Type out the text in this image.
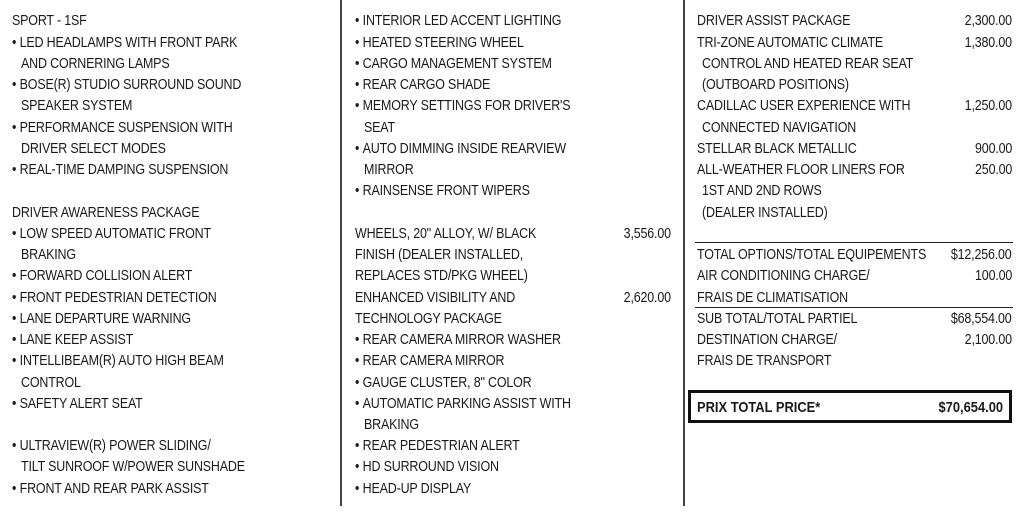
SPORT - 1SF
• LED HEADLAMPS WITH FRONT PARK
AND CORNERING LAMPS
• BOSE(R) STUDIO SURROUND SOUND
SPEAKER SYSTEM
• PERFORMANCE SUSPENSION WITH
DRIVER SELECT MODES
• REAL-TIME DAMPING SUSPENSION
DRIVER AWARENESS PACKAGE
• LOW SPEED AUTOMATIC FRONT
BRAKING
• FORWARD COLLISION ALERT
• FRONT PEDESTRIAN DETECTION
• LANE DEPARTURE WARNING
• LANE KEEP ASSIST
• INTELLIBEAM(R) AUTO HIGH BEAM
CONTROL
• SAFETY ALERT SEAT
• ULTRAVIEW(R) POWER SLIDING/
TILT SUNROOF W/POWER SUNSHADE
• FRONT AND REAR PARK ASSIST
• INTERIOR LED ACCENT LIGHTING
• HEATED STEERING WHEEL
• CARGO MANAGEMENT SYSTEM
• REAR CARGO SHADE
• MEMORY SETTINGS FOR DRIVER'S
SEAT
• AUTO DIMMING INSIDE REARVIEW
MIRROR
• RAINSENSE FRONT WIPERS
WHEELS, 20" ALLOY, W/ BLACK	3,556.00
FINISH (DEALER INSTALLED,
REPLACES STD/PKG WHEEL)
ENHANCED VISIBILITY AND	2,620.00
TECHNOLOGY PACKAGE
• REAR CAMERA MIRROR WASHER
• REAR CAMERA MIRROR
• GAUGE CLUSTER, 8" COLOR
• AUTOMATIC PARKING ASSIST WITH
BRAKING
• REAR PEDESTRIAN ALERT
• HD SURROUND VISION
• HEAD-UP DISPLAY
DRIVER ASSIST PACKAGE	2,300.00
TRI-ZONE AUTOMATIC CLIMATE	1,380.00
CONTROL AND HEATED REAR SEAT
(OUTBOARD POSITIONS)
CADILLAC USER EXPERIENCE WITH	1,250.00
CONNECTED NAVIGATION
STELLAR BLACK METALLIC	900.00
ALL-WEATHER FLOOR LINERS FOR	250.00
1ST AND 2ND ROWS
(DEALER INSTALLED)
TOTAL OPTIONS/TOTAL EQUIPEMENTS $12,256.00
AIR CONDITIONING CHARGE/	100.00
FRAIS DE CLIMATISATION
SUB TOTAL/TOTAL PARTIEL	$68,554.00
DESTINATION CHARGE/	2,100.00
FRAIS DE TRANSPORT
PRIX TOTAL PRICE*	$70,654.00
